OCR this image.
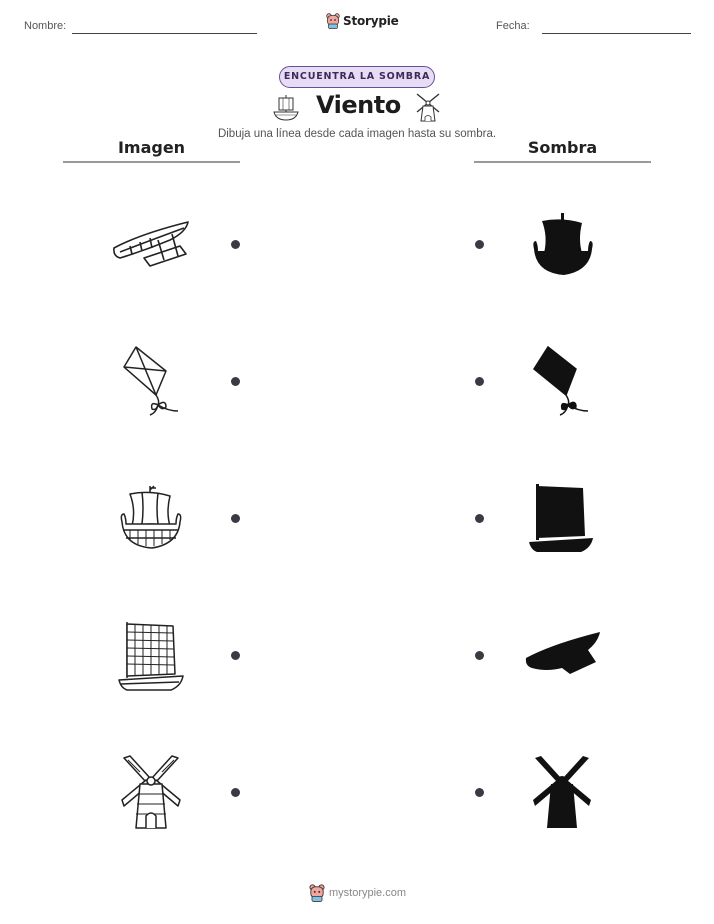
Nombre:	Storypie	Fecha:
ENCUENTRA LA SOMBRA
Viento
Dibuja una línea desde cada imagen hasta su sombra.
Imagen	Sombra
mystorypie.com
